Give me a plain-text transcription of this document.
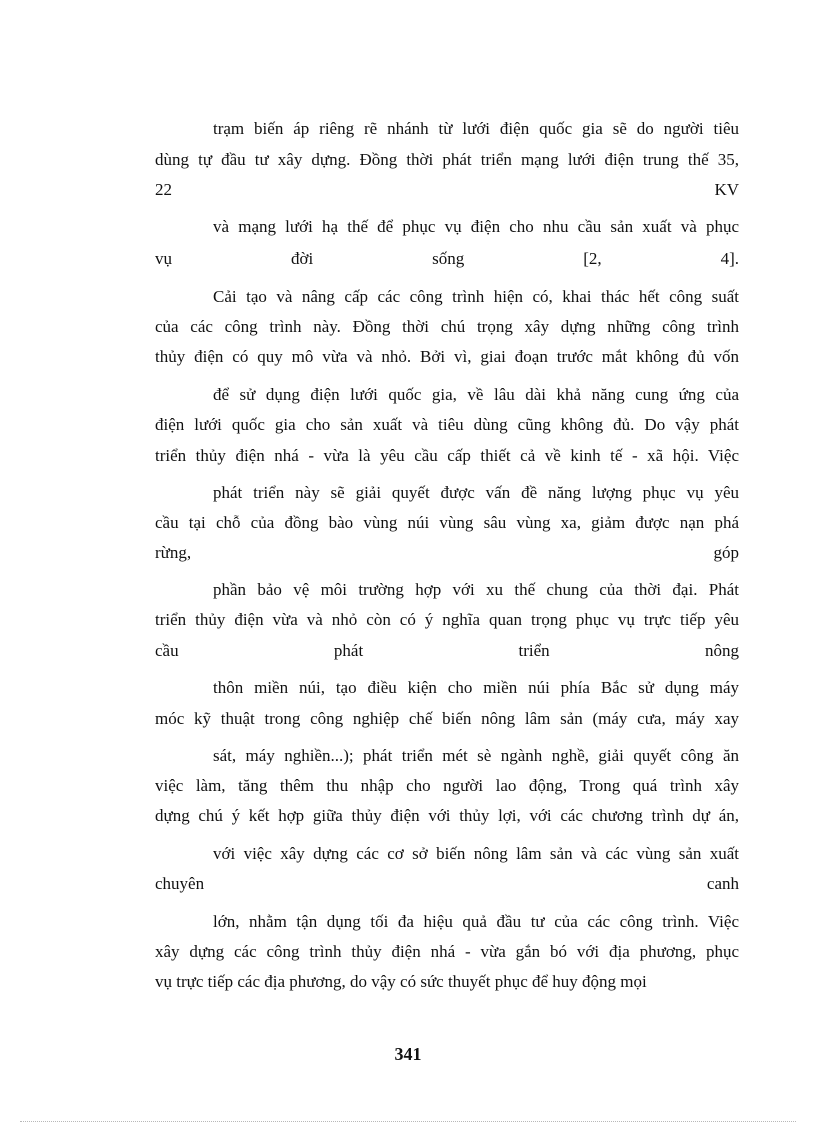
trạm biến áp riêng rẽ nhánh từ lưới điện quốc gia sẽ do người tiêu
dùng tự đầu tư xây dựng. Đồng thời phát triển mạng lưới điện trung thế 35,
22 KV
và mạng lưới hạ thế để phục vụ điện cho nhu cầu sản xuất và phục
vụ đời sống [2, 4].
Cải tạo và nâng cấp các công trình hiện có, khai thác hết công suất
của các công trình này. Đồng thời chú trọng xây dựng những công trình
thủy điện có quy mô vừa và nhỏ. Bởi vì, giai đoạn trước mắt không đủ vốn
để sử dụng điện lưới quốc gia, về lâu dài khả năng cung ứng của
điện lưới quốc gia cho sản xuất và tiêu dùng cũng không đủ. Do vậy phát
triển thủy điện nhá - vừa là yêu cầu cấp thiết cả về kinh tế - xã hội. Việc
phát triển này sẽ giải quyết được vấn đề năng lượng phục vụ yêu
cầu tại chỗ của đồng bào vùng núi vùng sâu vùng xa, giảm được nạn phá
rừng, góp
phần bảo vệ môi trường hợp với xu thế chung của thời đại. Phát
triển thủy điện vừa và nhỏ còn có ý nghĩa quan trọng phục vụ trực tiếp yêu
cầu phát triển nông
thôn miền núi, tạo điều kiện cho miền núi phía Bắc sử dụng máy
móc kỹ thuật trong công nghiệp chế biến nông lâm sản (máy cưa, máy xay
sát, máy nghiền...); phát triển mét sè ngành nghề, giải quyết công ăn
việc làm, tăng thêm thu nhập cho người lao động, Trong quá trình xây
dựng chú ý kết hợp giữa thủy điện với thủy lợi, với các chương trình dự án,
với việc xây dựng các cơ sở biến nông lâm sản và các vùng sản xuất
chuyên canh
lớn, nhằm tận dụng tối đa hiệu quả đầu tư của các công trình. Việc
xây dựng các công trình thủy điện nhá - vừa gắn bó với địa phương, phục
vụ trực tiếp các địa phương, do vậy có sức thuyết phục để huy động mọi
341
